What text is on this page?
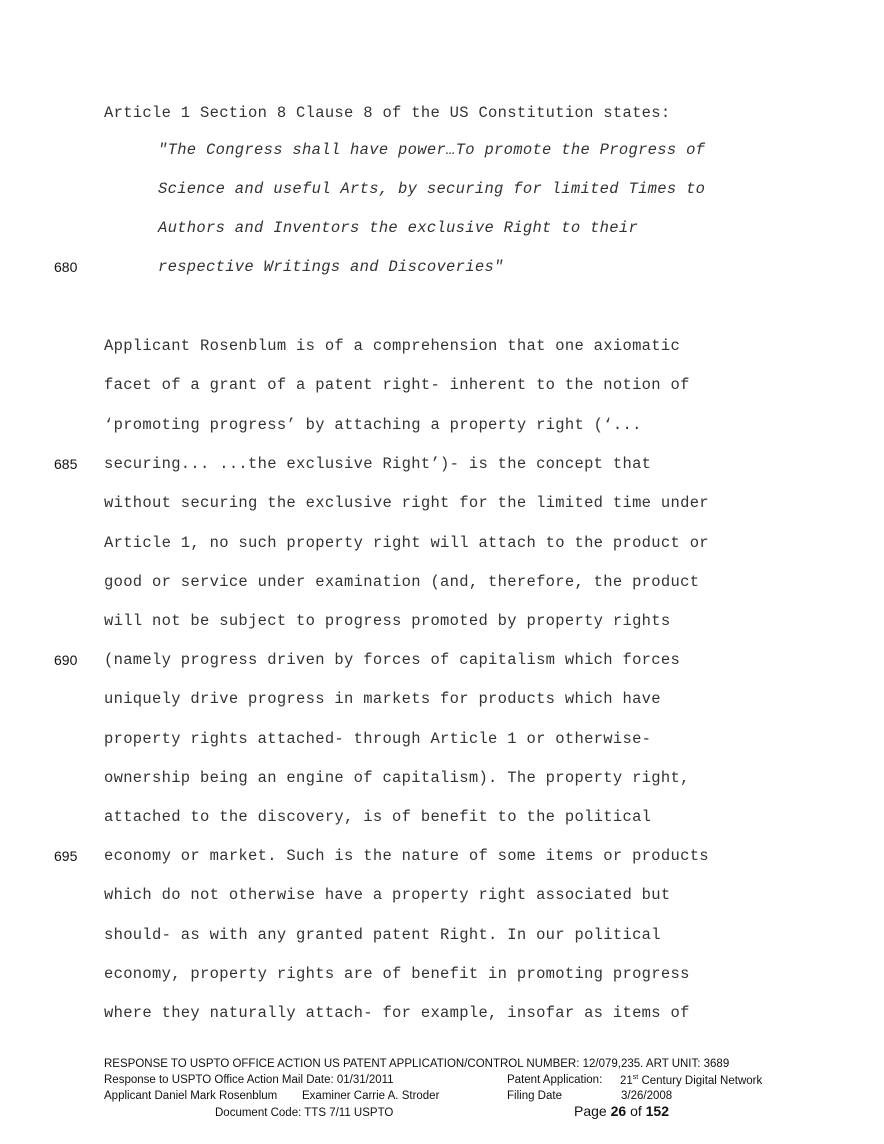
Article 1 Section 8 Clause 8 of the US Constitution states:
"The Congress shall have power…To promote the Progress of
Science and useful Arts, by securing for limited Times to
Authors and Inventors the exclusive Right to their
respective Writings and Discoveries"
680
Applicant Rosenblum is of a comprehension that one axiomatic
facet of a grant of a patent right- inherent to the notion of
‘promoting progress’ by attaching a property right (‘...
securing... ...the exclusive Right’)- is the concept that
685
without securing the exclusive right for the limited time under
Article 1, no such property right will attach to the product or
good or service under examination (and, therefore, the product
will not be subject to progress promoted by property rights
(namely progress driven by forces of capitalism which forces
690
uniquely drive progress in markets for products which have
property rights attached- through Article 1 or otherwise-
ownership being an engine of capitalism). The property right,
attached to the discovery, is of benefit to the political
economy or market. Such is the nature of some items or products
695
which do not otherwise have a property right associated but
should- as with any granted patent Right. In our political
economy, property rights are of benefit in promoting progress
where they naturally attach- for example, insofar as items of
RESPONSE TO USPTO OFFICE ACTION US PATENT APPLICATION/CONTROL NUMBER: 12/079,235. ART UNIT: 3689
Response to USPTO Office Action Mail Date: 01/31/2011	Patent Application: 21st Century Digital Network
Applicant Daniel Mark Rosenblum Examiner Carrie A. Stroder	Filing Date	3/26/2008
Document Code: TTS 7/11 USPTO	Page 26 of 152
